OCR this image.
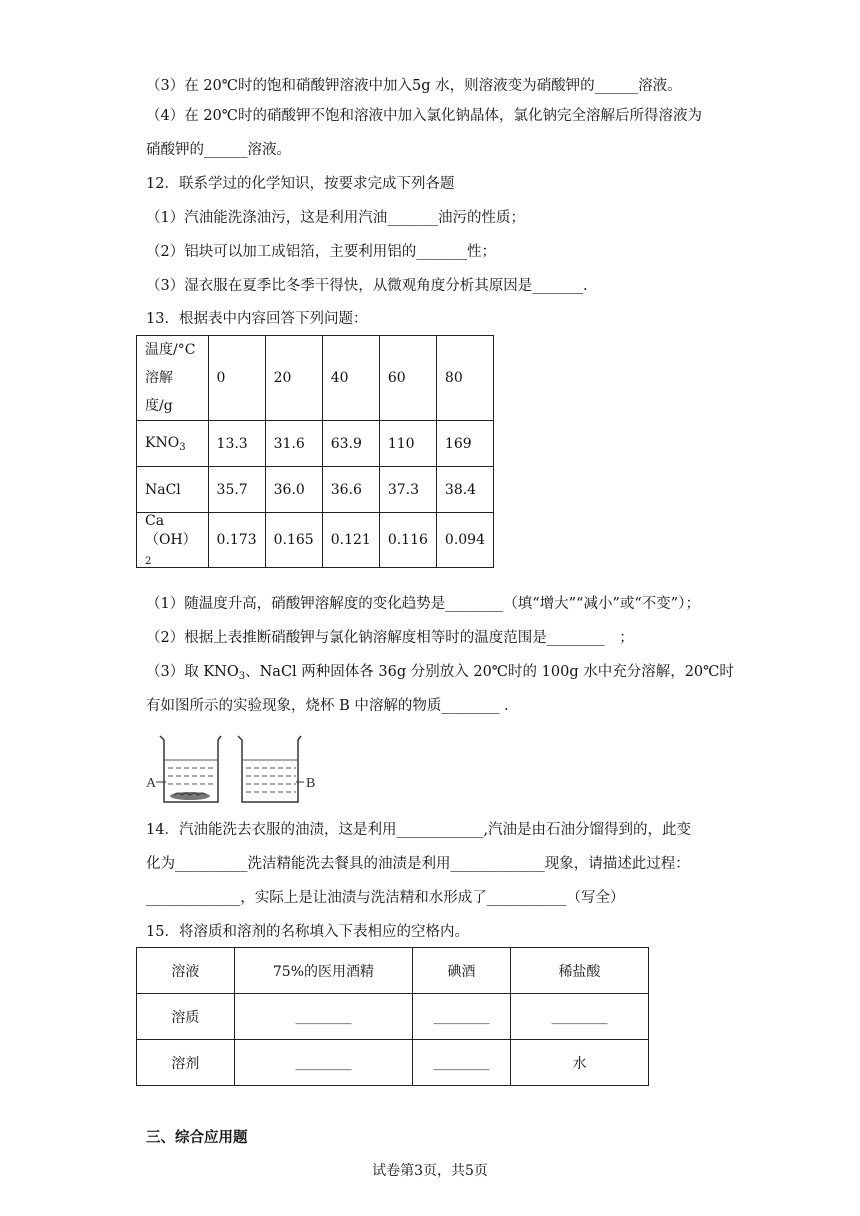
（3）在 20℃时的饱和硝酸钾溶液中加入5g 水，则溶液变为硝酸钾的______溶液。
（4）在 20℃时的硝酸钾不饱和溶液中加入氯化钠晶体，氯化钠完全溶解后所得溶液为
硝酸钾的______溶液。
12．联系学过的化学知识，按要求完成下列各题
（1）汽油能洗涤油污，这是利用汽油_______油污的性质；
（2）铝块可以加工成铝箔，主要利用铝的_______性；
（3）湿衣服在夏季比冬季干得快，从微观角度分析其原因是_______.
13．根据表中内容回答下列问题：
温度/°C
溶解度/g	0	20	40	60	80
$KNO_3$	13.3	31.6	63.9	110	169
NaCl	35.7	36.0	36.6	37.3	38.4
$Ca(OH)_2$	0.173	0.165	0.121	0.116	0.094
（1）随温度升高，硝酸钾溶解度的变化趋势是________（填“增大”“减小”或“不变”）；
（2）根据上表推断硝酸钾与氯化钠溶解度相等时的温度范围是________　；
（3）取 $KNO_3$、NaCl 两种固体各 36g 分别放入 20℃时的 100g 水中充分溶解，20℃时
有如图所示的实验现象，烧杯 B 中溶解的物质________ .
A	B
14．汽油能洗去衣服的油渍，这是利用____________,汽油是由石油分馏得到的，此变
化为__________洗洁精能洗去餐具的油渍是利用_____________现象，请描述此过程：
_____________，实际上是让油渍与洗洁精和水形成了___________（写全）
15．将溶质和溶剂的名称填入下表相应的空格内。
溶液	75%的医用酒精	碘酒	稀盐酸
溶质	________	________	________
溶剂	________	________	水
三、综合应用题
试卷第3页，共5页
